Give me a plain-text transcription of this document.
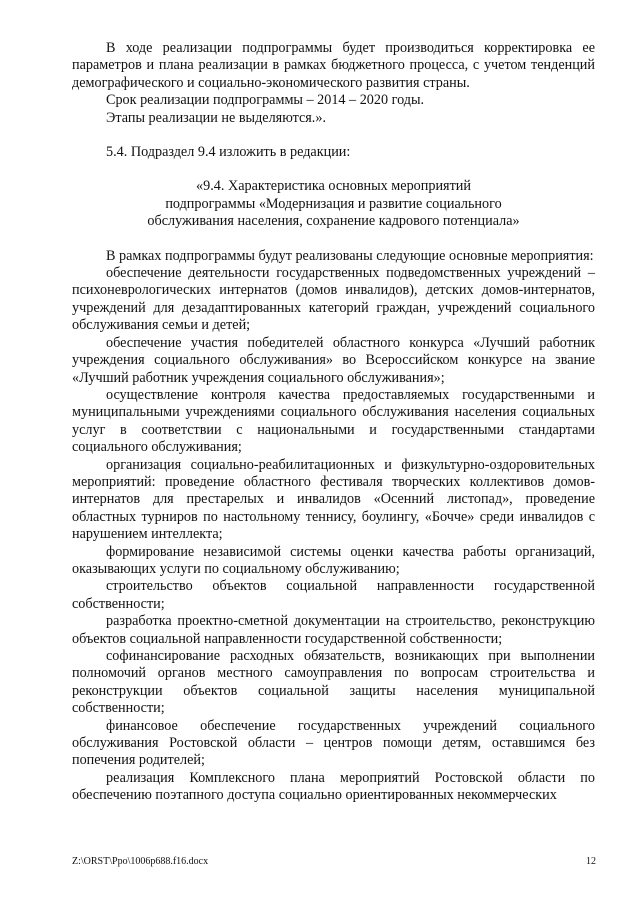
В ходе реализации подпрограммы будет производиться корректировка ее параметров и плана реализации в рамках бюджетного процесса, с учетом тенденций демографического и социально-экономического развития страны.

Срок реализации подпрограммы – 2014 – 2020 годы.

Этапы реализации не выделяются.».

5.4. Подраздел 9.4 изложить в редакции:

«9.4. Характеристика основных мероприятий

подпрограммы «Модернизация и развитие социального

обслуживания населения, сохранение кадрового потенциала»

В рамках подпрограммы будут реализованы следующие основные мероприятия:

обеспечение деятельности государственных подведомственных учреждений – психоневрологических интернатов (домов инвалидов), детских домов-интернатов, учреждений для дезадаптированных категорий граждан, учреждений социального обслуживания семьи и детей;

обеспечение участия победителей областного конкурса «Лучший работник учреждения социального обслуживания» во Всероссийском конкурсе на звание «Лучший работник учреждения социального обслуживания»;

осуществление контроля качества предоставляемых государственными и муниципальными учреждениями социального обслуживания населения социальных услуг в соответствии с национальными и государственными стандартами социального обслуживания;

организация социально-реабилитационных и физкультурно-оздоровительных мероприятий: проведение областного фестиваля творческих коллективов домов-интернатов для престарелых и инвалидов «Осенний листопад», проведение областных турниров по настольному теннису, боулингу, «Бочче» среди инвалидов с нарушением интеллекта;

формирование независимой системы оценки качества работы организаций, оказывающих услуги по социальному обслуживанию;

строительство объектов социальной направленности государственной собственности;

разработка проектно-сметной документации на строительство, реконструкцию объектов социальной направленности государственной собственности;

софинансирование расходных обязательств, возникающих при выполнении полномочий органов местного самоуправления по вопросам строительства и реконструкции объектов социальной защиты населения муниципальной собственности;

финансовое обеспечение государственных учреждений социального обслуживания Ростовской области – центров помощи детям, оставшимся без попечения родителей;

реализация Комплексного плана мероприятий Ростовской области по обеспечению поэтапного доступа социально ориентированных некоммерческих

Z:\ORST\Ppo\1006p688.f16.docx	12
